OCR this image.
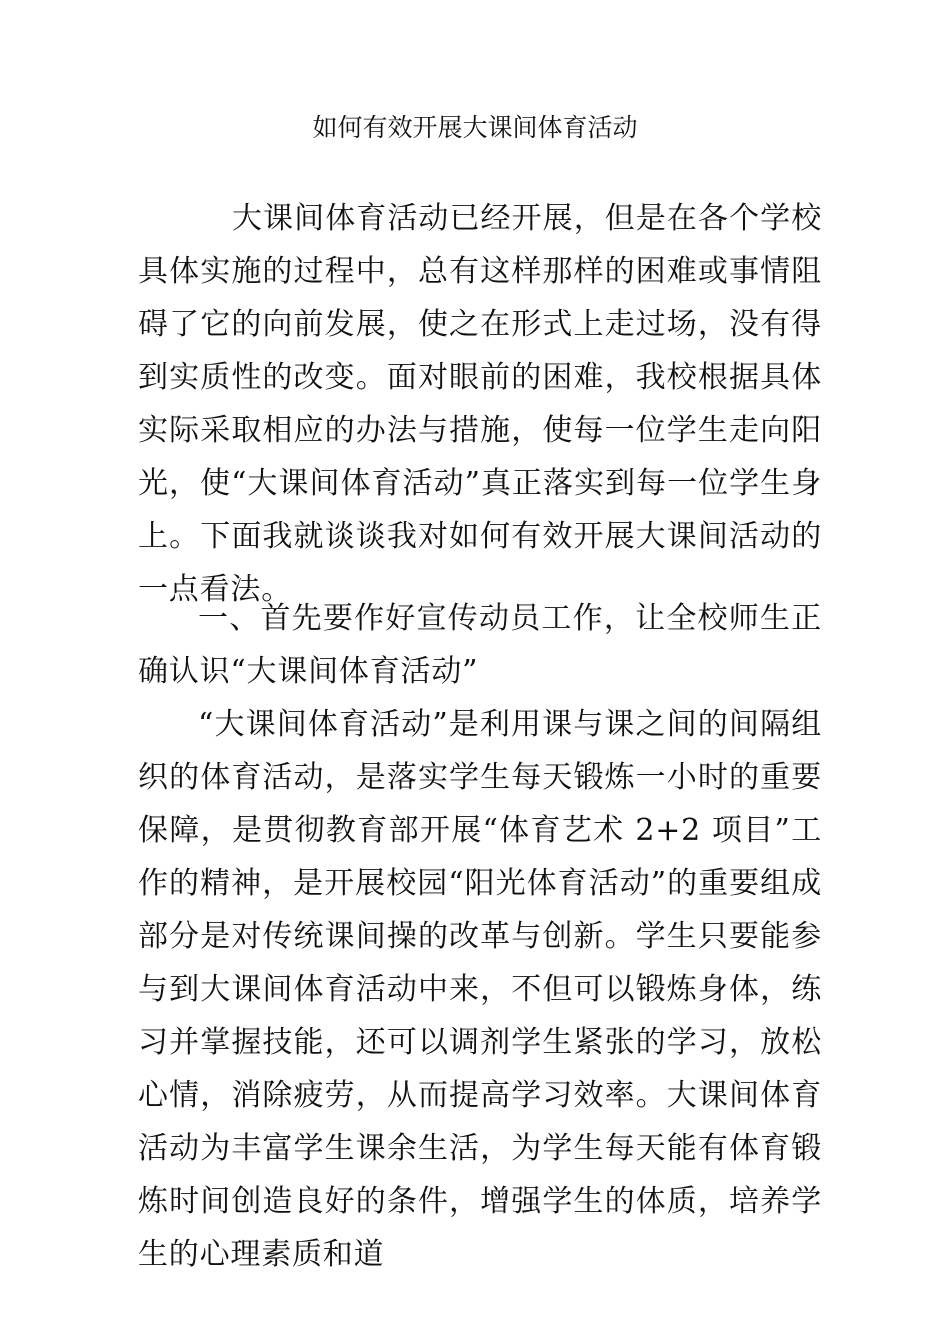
如何有效开展大课间体育活动

大课间体育活动已经开展，但是在各个学校具体实施的过程中，总有这样那样的困难或事情阻碍了它的向前发展，使之在形式上走过场，没有得到实质性的改变。面对眼前的困难，我校根据具体实际采取相应的办法与措施，使每一位学生走向阳光，使“大课间体育活动”真正落实到每一位学生身上。下面我就谈谈我对如何有效开展大课间活动的一点看法。

一、首先要作好宣传动员工作，让全校师生正确认识“大课间体育活动”

“大课间体育活动”是利用课与课之间的间隔组织的体育活动，是落实学生每天锻炼一小时的重要保障，是贯彻教育部开展“体育艺术 2+2 项目”工作的精神，是开展校园“阳光体育活动”的重要组成部分是对传统课间操的改革与创新。学生只要能参与到大课间体育活动中来，不但可以锻炼身体，练习并掌握技能，还可以调剂学生紧张的学习，放松心情，消除疲劳，从而提高学习效率。大课间体育活动为丰富学生课余生活，为学生每天能有体育锻炼时间创造良好的条件，增强学生的体质，培养学生的心理素质和道
